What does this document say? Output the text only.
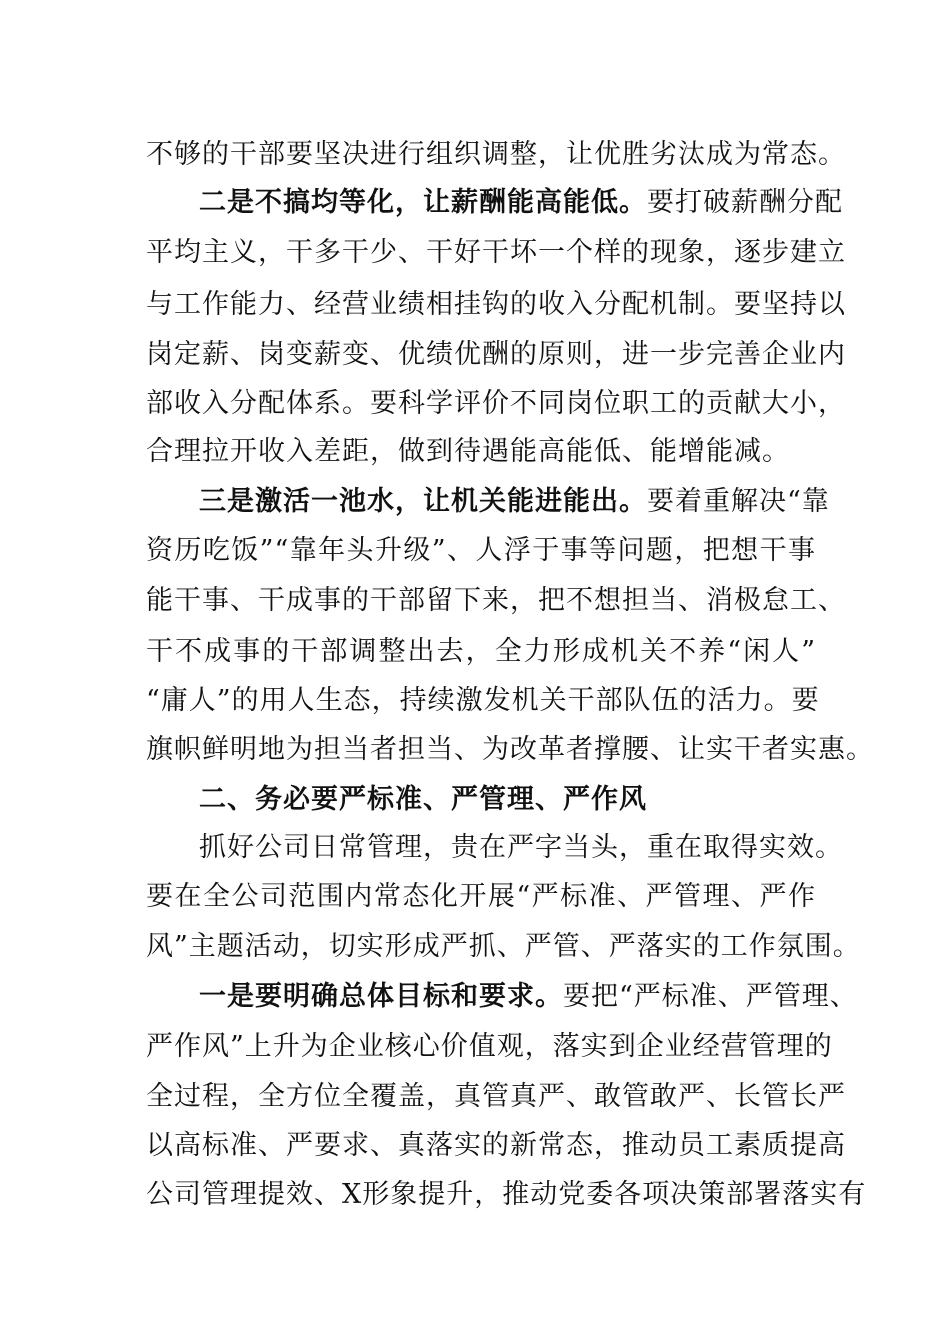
不够的干部要坚决进行组织调整，让优胜劣汰成为常态。
二是不搞均等化，让薪酬能高能低。要打破薪酬分配
平均主义，干多干少、干好干坏一个样的现象，逐步建立
与工作能力、经营业绩相挂钩的收入分配机制。要坚持以
岗定薪、岗变薪变、优绩优酬的原则，进一步完善企业内
部收入分配体系。要科学评价不同岗位职工的贡献大小，
合理拉开收入差距，做到待遇能高能低、能增能减。
三是激活一池水，让机关能进能出。要着重解决“靠
资历吃饭”“靠年头升级”、人浮于事等问题，把想干事
能干事、干成事的干部留下来，把不想担当、消极怠工、
干不成事的干部调整出去，全力形成机关不养“闲人”
“庸人”的用人生态，持续激发机关干部队伍的活力。要
旗帜鲜明地为担当者担当、为改革者撑腰、让实干者实惠。
二、务必要严标准、严管理、严作风
抓好公司日常管理，贵在严字当头，重在取得实效。
要在全公司范围内常态化开展“严标准、严管理、严作
风”主题活动，切实形成严抓、严管、严落实的工作氛围。
一是要明确总体目标和要求。要把“严标准、严管理、
严作风”上升为企业核心价值观，落实到企业经营管理的
全过程，全方位全覆盖，真管真严、敢管敢严、长管长严
以高标准、严要求、真落实的新常态，推动员工素质提高
公司管理提效、X形象提升，推动党委各项决策部署落实有
